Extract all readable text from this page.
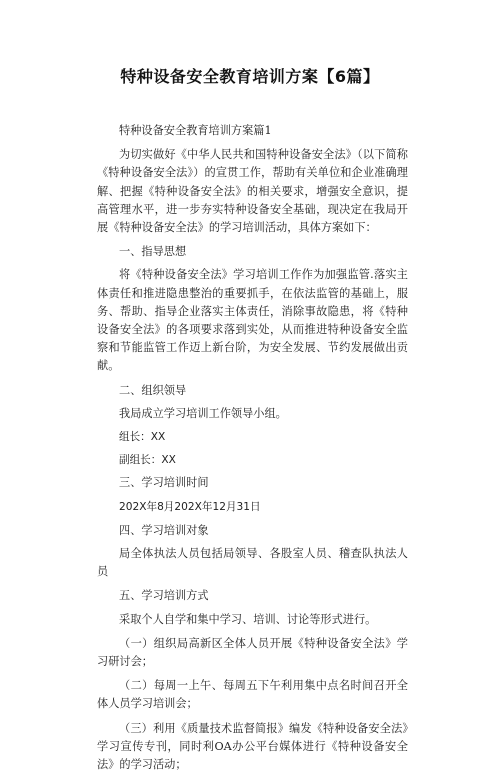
特种设备安全教育培训方案【6篇】

特种设备安全教育培训方案篇1

为切实做好《中华人民共和国特种设备安全法》（以下简称《特种设备安全法》）的宣贯工作，帮助有关单位和企业准确理解、把握《特种设备安全法》的相关要求，增强安全意识，提高管理水平，进一步夯实特种设备安全基础，现决定在我局开展《特种设备安全法》的学习培训活动，具体方案如下：

一、指导思想

将《特种设备安全法》学习培训工作作为加强监管.落实主体责任和推进隐患整治的重要抓手，在依法监管的基础上，服务、帮助、指导企业落实主体责任，消除事故隐患，将《特种设备安全法》的各项要求落到实处，从而推进特种设备安全监察和节能监管工作迈上新台阶，为安全发展、节约发展做出贡献。

二、组织领导

我局成立学习培训工作领导小组。

组长：XX

副组长：XX

三、学习培训时间

202X年8月202X年12月31日

四、学习培训对象

局全体执法人员包括局领导、各股室人员、稽查队执法人员

五、学习培训方式

采取个人自学和集中学习、培训、讨论等形式进行。

（一）组织局高新区全体人员开展《特种设备安全法》学习研讨会；

（二）每周一上午、每周五下午利用集中点名时间召开全体人员学习培训会；

（三）利用《质量技术监督简报》编发《特种设备安全法》学习宣传专刊，同时利OA办公平台媒体进行《特种设备安全法》的学习活动；
